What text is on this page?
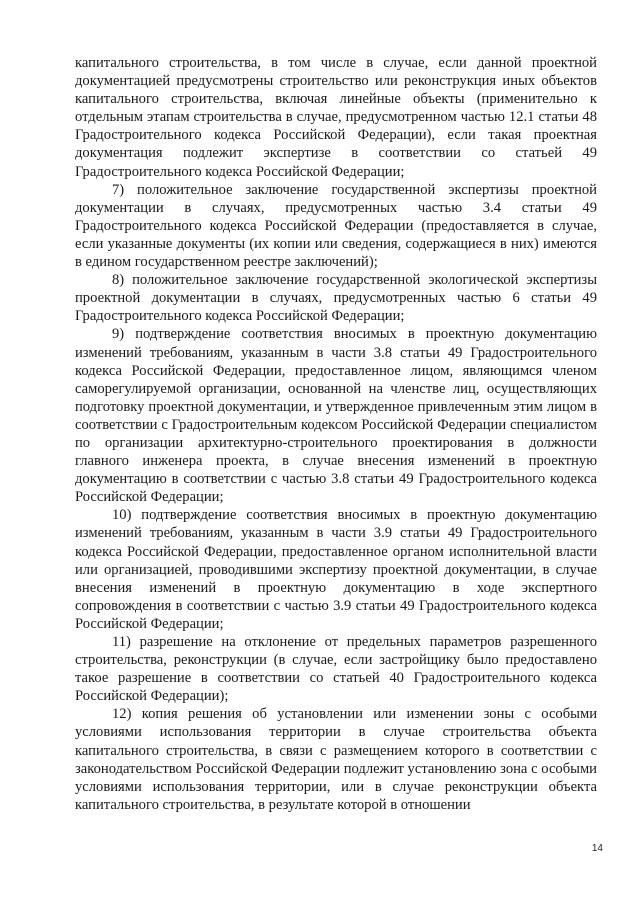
капитального строительства, в том числе в случае, если данной проектной документацией предусмотрены строительство или реконструкция иных объектов капитального строительства, включая линейные объекты (применительно к отдельным этапам строительства в случае, предусмотренном частью 12.1 статьи 48 Градостроительного кодекса Российской Федерации), если такая проектная документация подлежит экспертизе в соответствии со статьей 49 Градостроительного кодекса Российской Федерации;

7) положительное заключение государственной экспертизы проектной документации в случаях, предусмотренных частью 3.4 статьи 49 Градостроительного кодекса Российской Федерации (предоставляется в случае, если указанные документы (их копии или сведения, содержащиеся в них) имеются в едином государственном реестре заключений);

8) положительное заключение государственной экологической экспертизы проектной документации в случаях, предусмотренных частью 6 статьи 49 Градостроительного кодекса Российской Федерации;

9) подтверждение соответствия вносимых в проектную документацию изменений требованиям, указанным в части 3.8 статьи 49 Градостроительного кодекса Российской Федерации, предоставленное лицом, являющимся членом саморегулируемой организации, основанной на членстве лиц, осуществляющих подготовку проектной документации, и утвержденное привлеченным этим лицом в соответствии с Градостроительным кодексом Российской Федерации специалистом по организации архитектурно-строительного проектирования в должности главного инженера проекта, в случае внесения изменений в проектную документацию в соответствии с частью 3.8 статьи 49 Градостроительного кодекса Российской Федерации;

10) подтверждение соответствия вносимых в проектную документацию изменений требованиям, указанным в части 3.9 статьи 49 Градостроительного кодекса Российской Федерации, предоставленное органом исполнительной власти или организацией, проводившими экспертизу проектной документации, в случае внесения изменений в проектную документацию в ходе экспертного сопровождения в соответствии с частью 3.9 статьи 49 Градостроительного кодекса Российской Федерации;

11) разрешение на отклонение от предельных параметров разрешенного строительства, реконструкции (в случае, если застройщику было предоставлено такое разрешение в соответствии со статьей 40 Градостроительного кодекса Российской Федерации);

12) копия решения об установлении или изменении зоны с особыми условиями использования территории в случае строительства объекта капитального строительства, в связи с размещением которого в соответствии с законодательством Российской Федерации подлежит установлению зона с особыми условиями использования территории, или в случае реконструкции объекта капитального строительства, в результате которой в отношении

14
